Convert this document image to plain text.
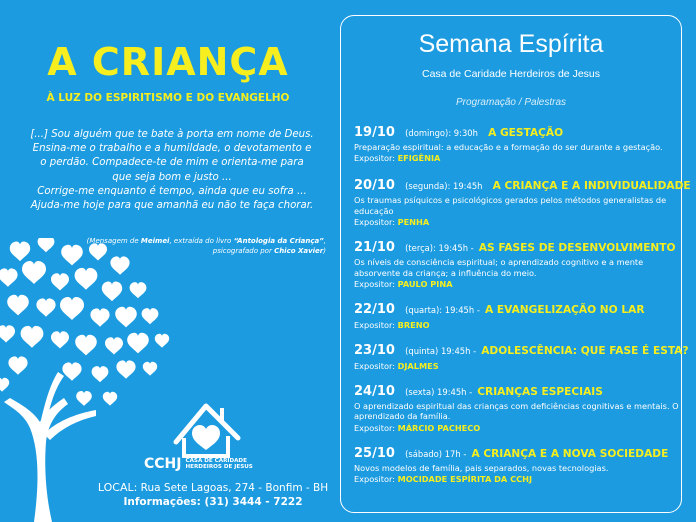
A CRIANÇA
À LUZ DO ESPIRITISMO E DO EVANGELHO
[...] Sou alguém que te bate à porta em nome de Deus.
Ensina-me o trabalho e a humildade, o devotamento e
o perdão. Compadece-te de mim e orienta-me para
que seja bom e justo ...
Corrige-me enquanto é tempo, ainda que eu sofra ...
Ajuda-me hoje para que amanhã eu não te faça chorar.
(Mensagem de Meimei, extraída do livro “Antologia da Criança”, psicografado por Chico Xavier)
CCHJ CASA DE CARIDADE
HERDEIROS DE JESUS
LOCAL: Rua Sete Lagoas, 274 - Bonfim - BH
Informações: (31) 3444 - 7222
Semana Espírita
Casa de Caridade Herdeiros de Jesus
Programação / Palestras
19/10 (domingo): 9:30h A GESTAÇÃO
Preparação espiritual: a educação e a formação do ser durante a gestação.
Expositor: EFIGÊNIA
20/10 (segunda): 19:45h A CRIANÇA E A INDIVIDUALIDADE
Os traumas psíquicos e psicológicos gerados pelos métodos generalistas de educação
Expositor: PENHA
21/10 (terça): 19:45h - AS FASES DE DESENVOLVIMENTO
Os níveis de consciência espiritual; o aprendizado cognitivo e a mente absorvente da criança; a influência do meio.
Expositor: PAULO PINA
22/10 (quarta): 19:45h - A EVANGELIZAÇÃO NO LAR
Expositor: BRENO
23/10 (quinta) 19:45h - ADOLESCÊNCIA: QUE FASE É ESTA?
Expositor: DJALMES
24/10 (sexta) 19:45h - CRIANÇAS ESPECIAIS
O aprendizado espiritual das crianças com deficiências cognitivas e mentais. O aprendizado da família.
Expositor: MÁRCIO PACHECO
25/10 (sábado) 17h - A CRIANÇA E A NOVA SOCIEDADE
Novos modelos de família, pais separados, novas tecnologias.
Expositor: MOCIDADE ESPÍRITA DA CCHJ
